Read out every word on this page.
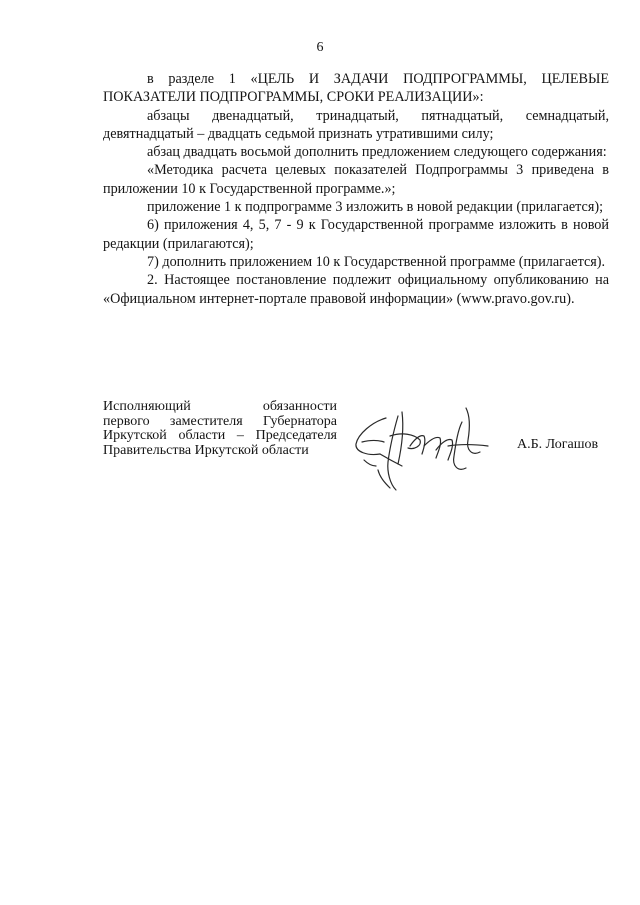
6

в разделе 1 «ЦЕЛЬ И ЗАДАЧИ ПОДПРОГРАММЫ, ЦЕЛЕВЫЕ ПОКАЗАТЕЛИ ПОДПРОГРАММЫ, СРОКИ РЕАЛИЗАЦИИ»:

абзацы двенадцатый, тринадцатый, пятнадцатый, семнадцатый, девятнадцатый – двадцать седьмой признать утратившими силу;

абзац двадцать восьмой дополнить предложением следующего содержания:

«Методика расчета целевых показателей Подпрограммы 3 приведена в приложении 10 к Государственной программе.»;

приложение 1 к подпрограмме 3 изложить в новой редакции (прилагается);

6) приложения 4, 5, 7 - 9 к Государственной программе изложить в новой редакции (прилагаются);

7) дополнить приложением 10 к Государственной программе (прилагается).

2. Настоящее постановление подлежит официальному опубликованию на «Официальном интернет-портале правовой информации» (www.pravo.gov.ru).

Исполняющий обязанности
первого заместителя Губернатора
Иркутской области – Председателя
Правительства Иркутской области	А.Б. Логашов
